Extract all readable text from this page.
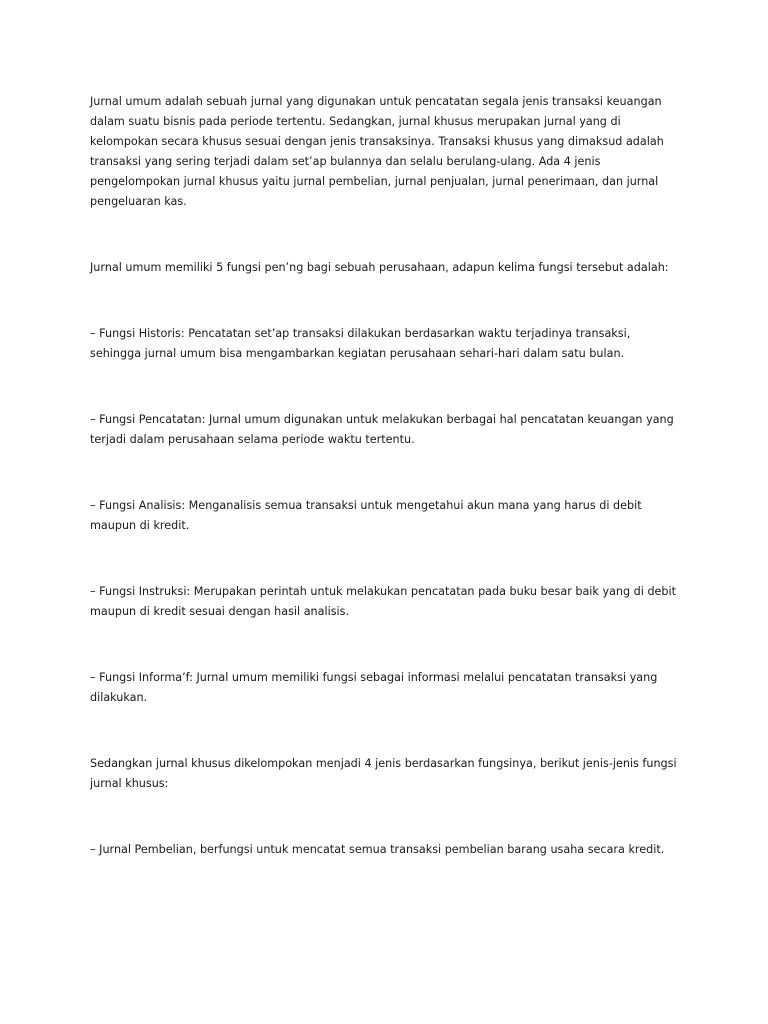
Jurnal umum adalah sebuah jurnal yang digunakan untuk pencatatan segala jenis transaksi keuangan
dalam suatu bisnis pada periode tertentu. Sedangkan, jurnal khusus merupakan jurnal yang di
kelompokan secara khusus sesuai dengan jenis transaksinya. Transaksi khusus yang dimaksud adalah
transaksi yang sering terjadi dalam set’ap bulannya dan selalu berulang-ulang. Ada 4 jenis
pengelompokan jurnal khusus yaitu jurnal pembelian, jurnal penjualan, jurnal penerimaan, dan jurnal
pengeluaran kas.

Jurnal umum memiliki 5 fungsi pen’ng bagi sebuah perusahaan, adapun kelima fungsi tersebut adalah:

– Fungsi Historis: Pencatatan set’ap transaksi dilakukan berdasarkan waktu terjadinya transaksi,
sehingga jurnal umum bisa mengambarkan kegiatan perusahaan sehari-hari dalam satu bulan.

– Fungsi Pencatatan: Jurnal umum digunakan untuk melakukan berbagai hal pencatatan keuangan yang
terjadi dalam perusahaan selama periode waktu tertentu.

– Fungsi Analisis: Menganalisis semua transaksi untuk mengetahui akun mana yang harus di debit
maupun di kredit.

– Fungsi Instruksi: Merupakan perintah untuk melakukan pencatatan pada buku besar baik yang di debit
maupun di kredit sesuai dengan hasil analisis.

– Fungsi Informa’f: Jurnal umum memiliki fungsi sebagai informasi melalui pencatatan transaksi yang
dilakukan.

Sedangkan jurnal khusus dikelompokan menjadi 4 jenis berdasarkan fungsinya, berikut jenis-jenis fungsi
jurnal khusus:

– Jurnal Pembelian, berfungsi untuk mencatat semua transaksi pembelian barang usaha secara kredit.
